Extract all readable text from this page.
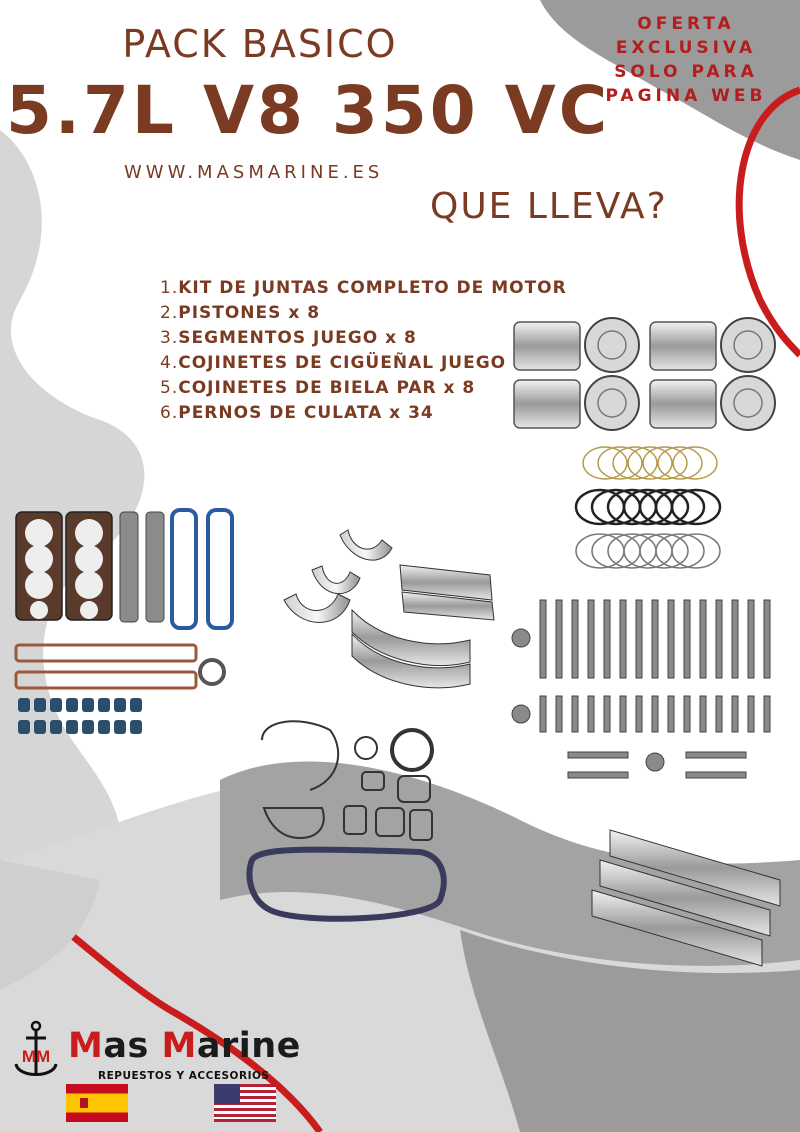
PACK BASICO
5.7L V8 350 VC
WWW.MASMARINE.ES
OFERTA
EXCLUSIVA
SOLO PARA
PAGINA WEB
QUE LLEVA?
1.KIT DE JUNTAS COMPLETO DE MOTOR
2.PISTONES x 8
3.SEGMENTOS JUEGO x 8
4.COJINETES DE CIGÜEÑAL JUEGO
5.COJINETES DE BIELA PAR x 8
6.PERNOS DE CULATA x 34
MM Mas Marine
REPUESTOS Y ACCESORIOS
